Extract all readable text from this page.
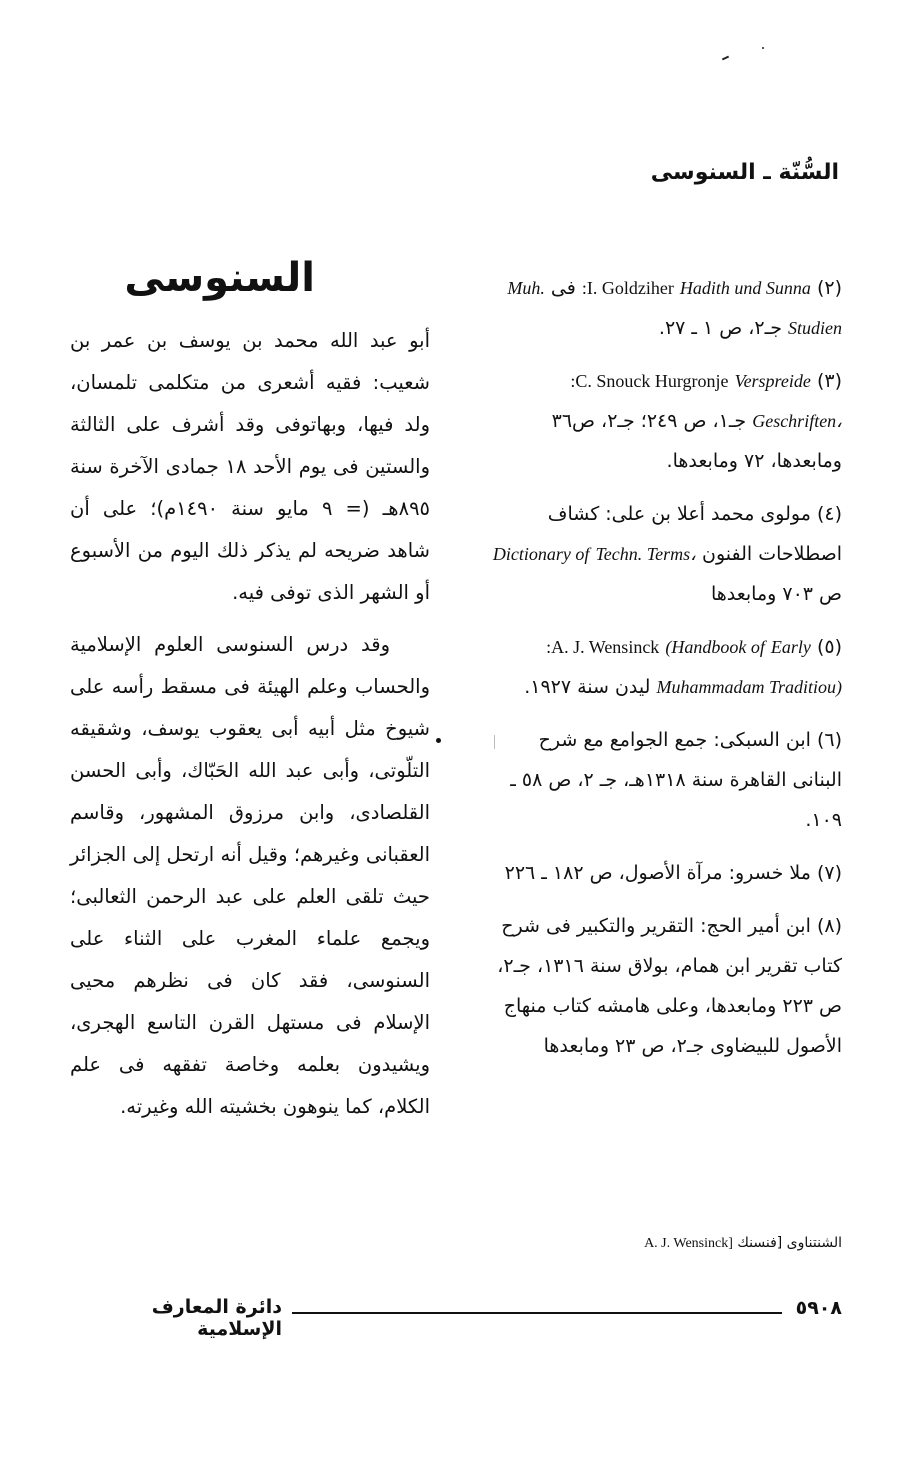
السُّنّة ـ السنوسى
السنوسى

أبو عبد الله محمد بن يوسف بن عمر بن شعيب: فقيه أشعرى من متكلمى تلمسان، ولد فيها، وبهاتوفى وقد أشرف على الثالثة والستين فى يوم الأحد ١٨ جمادى الآخرة سنة ٨٩٥هـ (= ٩ مايو سنة ١٤٩٠م)؛ على أن شاهد ضريحه لم يذكر ذلك اليوم من الأسبوع أو الشهر الذى توفى فيه.

وقد درس السنوسى العلوم الإسلامية والحساب وعلم الهيئة فى مسقط رأسه على شيوخ مثل أبيه أبى يعقوب يوسف، وشقيقه التلّوتى، وأبى عبد الله الحَبّاك، وأبى الحسن القلصادى، وابن مرزوق المشهور، وقاسم العقبانى وغيرهم؛ وقيل أنه ارتحل إلى الجزائر حيث تلقى العلم على عبد الرحمن الثعالبى؛ ويجمع علماء المغرب على الثناء على السنوسى، فقد كان فى نظرهم محيى الإسلام فى مستهل القرن التاسع الهجرى، ويشيدون بعلمه وخاصة تفقهه فى علم الكلام، كما ينوهون بخشيته الله وغيرته.

(٢) :I. Goldziher Hadith und Sunna فى Muh. Studien جـ٢، ص ١ ـ ٢٧.

(٣) :C. Snouck Hurgronje Verspreide Geschriften، جـ١، ص ٢٤٩؛ جـ٢، ص٣٦ ومابعدها، ٧٢ ومابعدها.

(٤) مولوى محمد أعلا بن على: كشاف اصطلاحات الفنون Dictionary of Techn. Terms، ص ٧٠٣ ومابعدها

(٥) :A. J. Wensinck (Handbook of Early Muhammadam Traditiou) ليدن سنة ١٩٢٧.

(٦) ابن السبكى: جمع الجوامع مع شرح البنانى القاهرة سنة ١٣١٨هـ، جـ ٢، ص ٥٨ ـ ١٠٩.

(٧) ملا خسرو: مرآة الأصول، ص ١٨٢ ـ ٢٢٦

(٨) ابن أمير الحج: التقرير والتكبير فى شرح كتاب تقرير ابن همام، بولاق سنة ١٣١٦، جـ٢، ص ٢٢٣ ومابعدها، وعلى هامشه كتاب منهاج الأصول للبيضاوى جـ٢، ص ٢٣ ومابعدها

الشنتناوى [فنسنك A. J. Wensinck]
دائرة المعارف الإسلامية
٥٩٠٨
